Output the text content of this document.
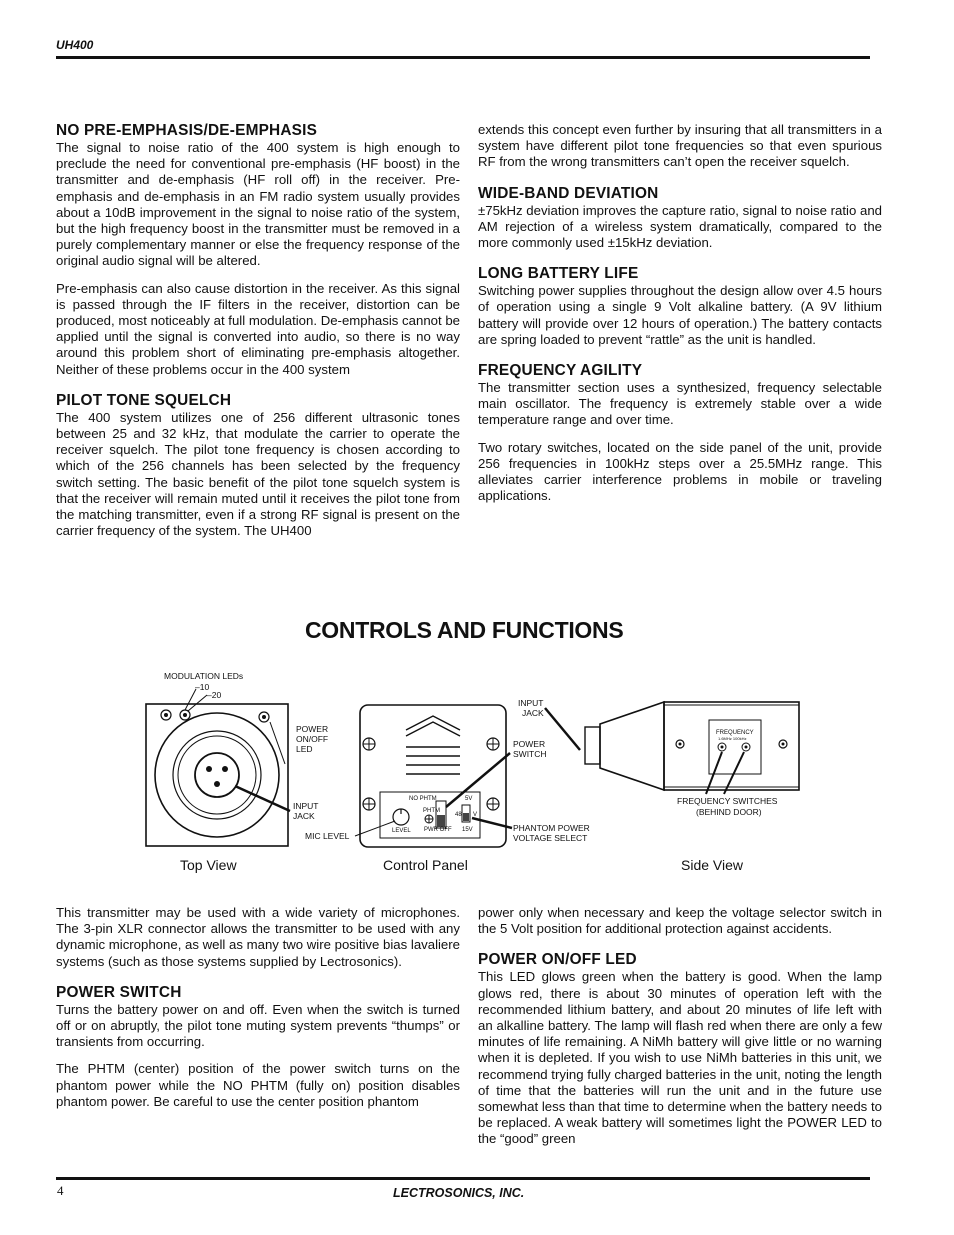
UH400
NO PRE-EMPHASIS/DE-EMPHASIS

The signal to noise ratio of the 400 system is high enough to preclude the need for conventional pre-emphasis (HF boost) in the transmitter and de-emphasis (HF roll off) in the receiver. Pre-emphasis and de-emphasis in an FM radio system usually provides about a 10dB improvement in the signal to noise ratio of the system, but the high frequency boost in the transmitter must be removed in a purely complementary manner or else the frequency response of the original audio signal will be altered.

Pre-emphasis can also cause distortion in the receiver. As this signal is passed through the IF filters in the receiver, distortion can be produced, most noticeably at full modulation. De-emphasis cannot be applied until the signal is converted into audio, so there is no way around this problem short of eliminating pre-emphasis altogether. Neither of these problems occur in the 400 system

PILOT TONE SQUELCH

The 400 system utilizes one of 256 different ultrasonic tones between 25 and 32 kHz, that modulate the carrier to operate the receiver squelch. The pilot tone frequency is chosen according to which of the 256 channels has been selected by the frequency switch setting. The basic benefit of the pilot tone squelch system is that the receiver will remain muted until it receives the pilot tone from the matching transmitter, even if a strong RF signal is present on the carrier frequency of the system. The UH400

extends this concept even further by insuring that all transmitters in a system have different pilot tone frequencies so that even spurious RF from the wrong transmitters can’t open the receiver squelch.

WIDE-BAND DEVIATION

±75kHz deviation improves the capture ratio, signal to noise ratio and AM rejection of a wireless system dramatically, compared to the more commonly used ±15kHz deviation.

LONG BATTERY LIFE

Switching power supplies throughout the design allow over 4.5 hours of operation using a single 9 Volt alkaline battery. (A 9V lithium battery will provide over 12 hours of operation.) The battery contacts are spring loaded to prevent “rattle” as the unit is handled.

FREQUENCY AGILITY

The transmitter section uses a synthesized, frequency selectable main oscillator. The frequency is extremely stable over a wide temperature range and over time.

Two rotary switches, located on the side panel of the unit, provide 256 frequencies in 100kHz steps over a 25.5MHz range. This alleviates carrier interference problems in mobile or traveling applications.

CONTROLS AND FUNCTIONS
MODULATION LEDs
–10
–20
POWER
ON/OFF
LED
INPUT
JACK
MIC LEVEL
NO PHTM
PHTM
PWR OFF
LEVEL
5V
48 V
15V
POWER
SWITCH
PHANTOM POWER
VOLTAGE SELECT
FREQUENCY
1.6MHz 100kHz
INPUT
JACK
FREQUENCY SWITCHES
(BEHIND DOOR)
Top View	Control Panel	Side View

This transmitter may be used with a wide variety of microphones. The 3-pin XLR connector allows the transmitter to be used with any dynamic microphone, as well as many two wire positive bias lavaliere systems (such as those systems supplied by Lectrosonics).

POWER SWITCH

Turns the battery power on and off. Even when the switch is turned off or on abruptly, the pilot tone muting system prevents “thumps” or transients from occurring.

The PHTM (center) position of the power switch turns on the phantom power while the NO PHTM (fully on) position disables phantom power. Be careful to use the center position phantom

power only when necessary and keep the voltage selector switch in the 5 Volt position for additional protection against accidents.

POWER ON/OFF LED

This LED glows green when the battery is good. When the lamp glows red, there is about 30 minutes of operation left with the recommended lithium battery, and about 20 minutes of life left with an alkalline battery. The lamp will flash red when there are only a few minutes of life remaining. A NiMh battery will give little or no warning when it is depleted. If you wish to use NiMh batteries in this unit, we recommend trying fully charged batteries in the unit, noting the length of time that the batteries will run the unit and in the future use somewhat less than that time to determine when the battery needs to be replaced. A weak battery will sometimes light the POWER LED to the “good” green

4	LECTROSONICS, INC.
